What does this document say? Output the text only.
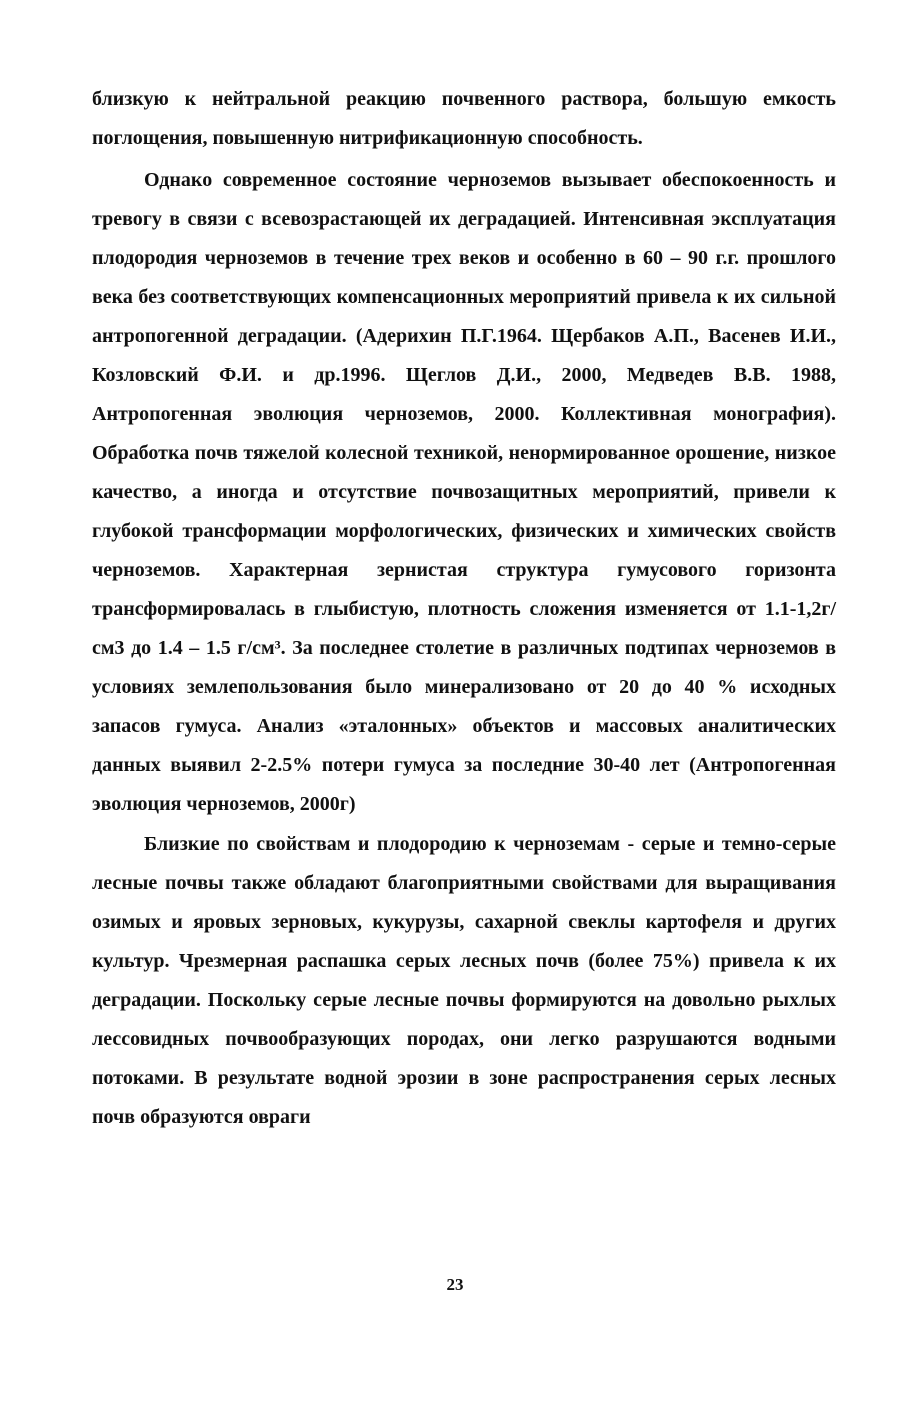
близкую к нейтральной реакцию почвенного раствора, большую емкость поглощения, повышенную нитрификационную способность.

Однако современное состояние черноземов вызывает обеспокоенность и тревогу в связи с всевозрастающей их деградацией. Интенсивная эксплуатация плодородия черноземов в течение трех веков и особенно в 60 – 90 г.г. прошлого века без соответствующих компенсационных мероприятий привела к их сильной антропогенной деградации. (Адерихин П.Г.1964. Щербаков А.П., Васенев И.И., Козловский Ф.И. и др.1996. Щеглов Д.И., 2000, Медведев В.В. 1988, Антропогенная эволюция черноземов, 2000. Коллективная монография). Обработка почв тяжелой колесной техникой, ненормированное орошение, низкое качество, а иногда и отсутствие почвозащитных мероприятий, привели к глубокой трансформации морфологических, физических и химических свойств черноземов. Характерная зернистая структура гумусового горизонта трансформировалась в глыбистую, плотность сложения изменяется от 1.1-1,2г/см3 до 1.4 – 1.5 г/см³. За последнее столетие в различных подтипах черноземов в условиях землепользования было минерализовано от 20 до 40 % исходных запасов гумуса. Анализ «эталонных» объектов и массовых аналитических данных выявил 2-2.5% потери гумуса за последние 30-40 лет (Антропогенная эволюция черноземов, 2000г)

Близкие по свойствам и плодородию к черноземам - серые и темно-серые лесные почвы также обладают благоприятными свойствами для выращивания озимых и яровых зерновых, кукурузы, сахарной свеклы картофеля и других культур. Чрезмерная распашка серых лесных почв (более 75%) привела к их деградации. Поскольку серые лесные почвы формируются на довольно рыхлых лессовидных почвообразующих породах, они легко разрушаются водными потоками. В результате водной эрозии в зоне распространения серых лесных почв образуются овраги

23
